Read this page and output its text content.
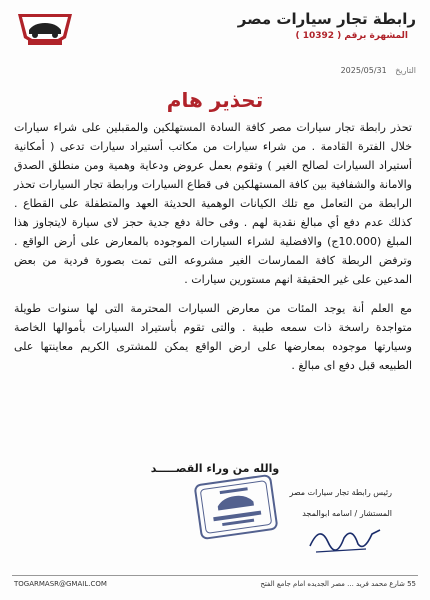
رابطة تجار سيارات مصر
المشهرة برقم ( 10392 )
التاريخ 2025/05/31
تحذير هام

تحذر رابطة تجار سيارات مصر كافة السادة المستهلكين والمقبلين على شراء سيارات خلال الفترة القادمة . من شراء سيارات من مكاتب أستيراد سيارات تدعى ( أمكانية أستيراد السيارات لصالح الغير ) وتقوم بعمل عروض ودعاية وهمية ومن منطلق الصدق والامانة والشفافية بين كافة المستهلكين فى قطاع السيارات ورابطة تجار السيارات تحذر الرابطة من التعامل مع تلك الكيانات الوهمية الحديثة العهد والمتطفلة على القطاع . كذلك عدم دفع أي مبالغ نقدية لهم . وفى حالة دفع جدية حجز لاى سيارة لايتجاوز هذا المبلغ (10.000ج) والافضلية لشراء السيارات الموجوده بالمعارض على أرض الواقع . وترفض الربطة كافة الممارسات الغير مشروعه التى تمت بصورة فردية من بعض المدعين على غير الحقيقة انهم مستورين سيارات .

مع العلم أنة يوجد المئات من معارض السيارات المحترمة التى لها سنوات طويلة متواجدة راسخة ذات سمعه طيبة . والتى تقوم بأستيراد السيارات بأموالها الخاصة وسيارتها موجوده بمعارضها على ارض الواقع يمكن للمشترى الكريم معاينتها على الطبيعه قبل دفع اى مبالغ .

والله من وراء القصـــــد
رئيس رابطة تجار سيارات مصر
المستشار / اسامه ابوالمجد
55 شارع محمد فريد ... مصر الجديده امام جامع الفتح
TOGARMASR@GMAIL.COM
